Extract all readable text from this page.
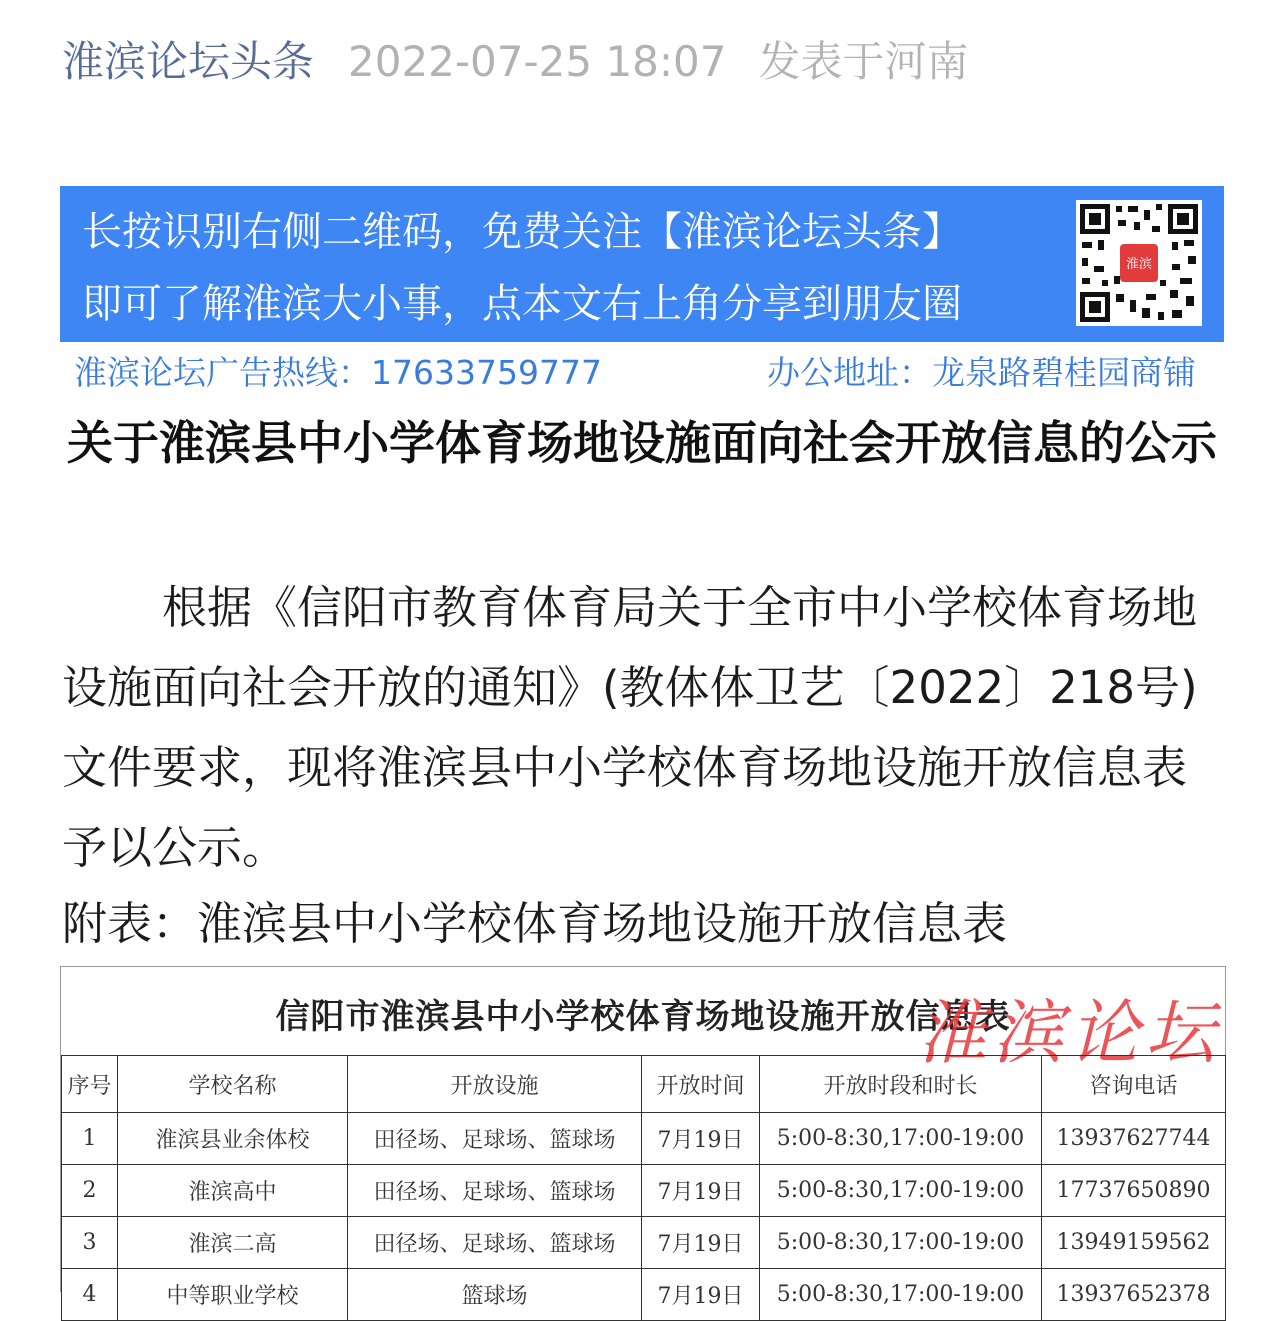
淮滨论坛头条 2022-07-25 18:07 发表于河南
长按识别右侧二维码，免费关注【淮滨论坛头条】
即可了解淮滨大小事，点本文右上角分享到朋友圈
淮滨
淮滨论坛广告热线：17633759777	办公地址：龙泉路碧桂园商铺
关于淮滨县中小学体育场地设施面向社会开放信息的公示
根据《信阳市教育体育局关于全市中小学校体育场地设施面向社会开放的通知》(教体体卫艺〔2022〕218号)文件要求，现将淮滨县中小学校体育场地设施开放信息表予以公示。
附表：淮滨县中小学校体育场地设施开放信息表
信阳市淮滨县中小学校体育场地设施开放信息表
淮滨论坛
序号	学校名称	开放设施	开放时间	开放时段和时长	咨询电话
1	淮滨县业余体校	田径场、足球场、篮球场	7月19日	5:00-8:30,17:00-19:00	13937627744
2	淮滨高中	田径场、足球场、篮球场	7月19日	5:00-8:30,17:00-19:00	17737650890
3	淮滨二高	田径场、足球场、篮球场	7月19日	5:00-8:30,17:00-19:00	13949159562
4	中等职业学校	篮球场	7月19日	5:00-8:30,17:00-19:00	13937652378
